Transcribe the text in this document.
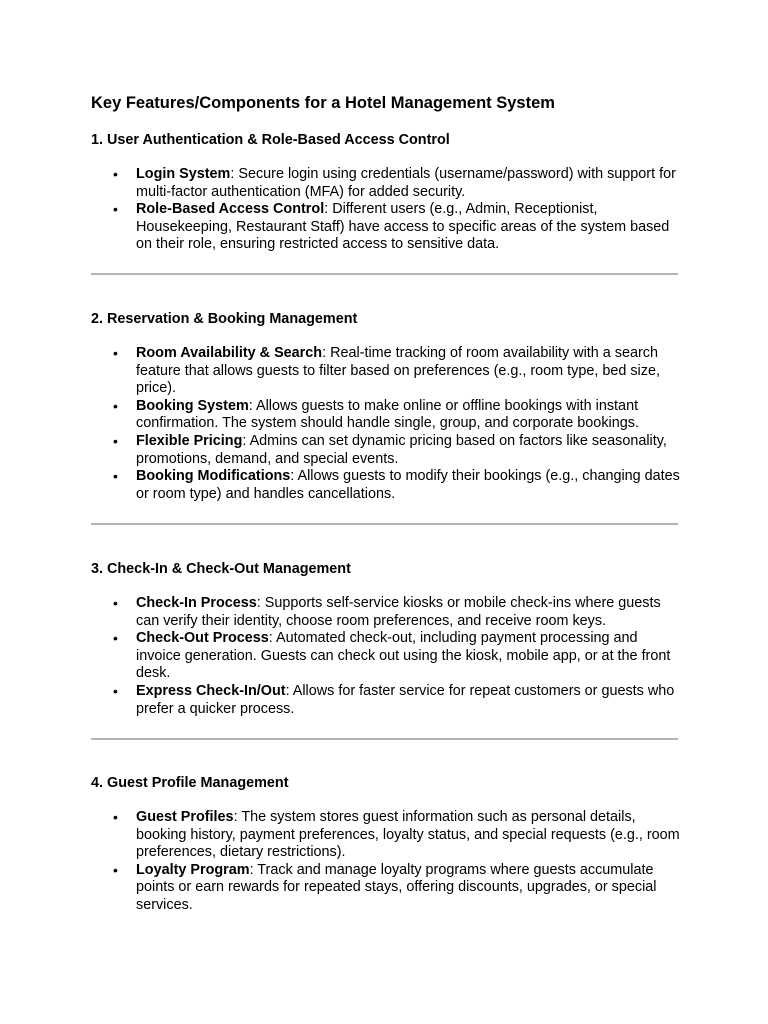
Key Features/Components for a Hotel Management System
1. User Authentication & Role-Based Access Control
•	Login System: Secure login using credentials (username/password) with support for multi-factor authentication (MFA) for added security.
•	Role-Based Access Control: Different users (e.g., Admin, Receptionist, Housekeeping, Restaurant Staff) have access to specific areas of the system based on their role, ensuring restricted access to sensitive data.
2. Reservation & Booking Management
•	Room Availability & Search: Real-time tracking of room availability with a search feature that allows guests to filter based on preferences (e.g., room type, bed size, price).
•	Booking System: Allows guests to make online or offline bookings with instant confirmation. The system should handle single, group, and corporate bookings.
•	Flexible Pricing: Admins can set dynamic pricing based on factors like seasonality, promotions, demand, and special events.
•	Booking Modifications: Allows guests to modify their bookings (e.g., changing dates or room type) and handles cancellations.
3. Check-In & Check-Out Management
•	Check-In Process: Supports self-service kiosks or mobile check-ins where guests can verify their identity, choose room preferences, and receive room keys.
•	Check-Out Process: Automated check-out, including payment processing and invoice generation. Guests can check out using the kiosk, mobile app, or at the front desk.
•	Express Check-In/Out: Allows for faster service for repeat customers or guests who prefer a quicker process.
4. Guest Profile Management
•	Guest Profiles: The system stores guest information such as personal details, booking history, payment preferences, loyalty status, and special requests (e.g., room preferences, dietary restrictions).
•	Loyalty Program: Track and manage loyalty programs where guests accumulate points or earn rewards for repeated stays, offering discounts, upgrades, or special services.
